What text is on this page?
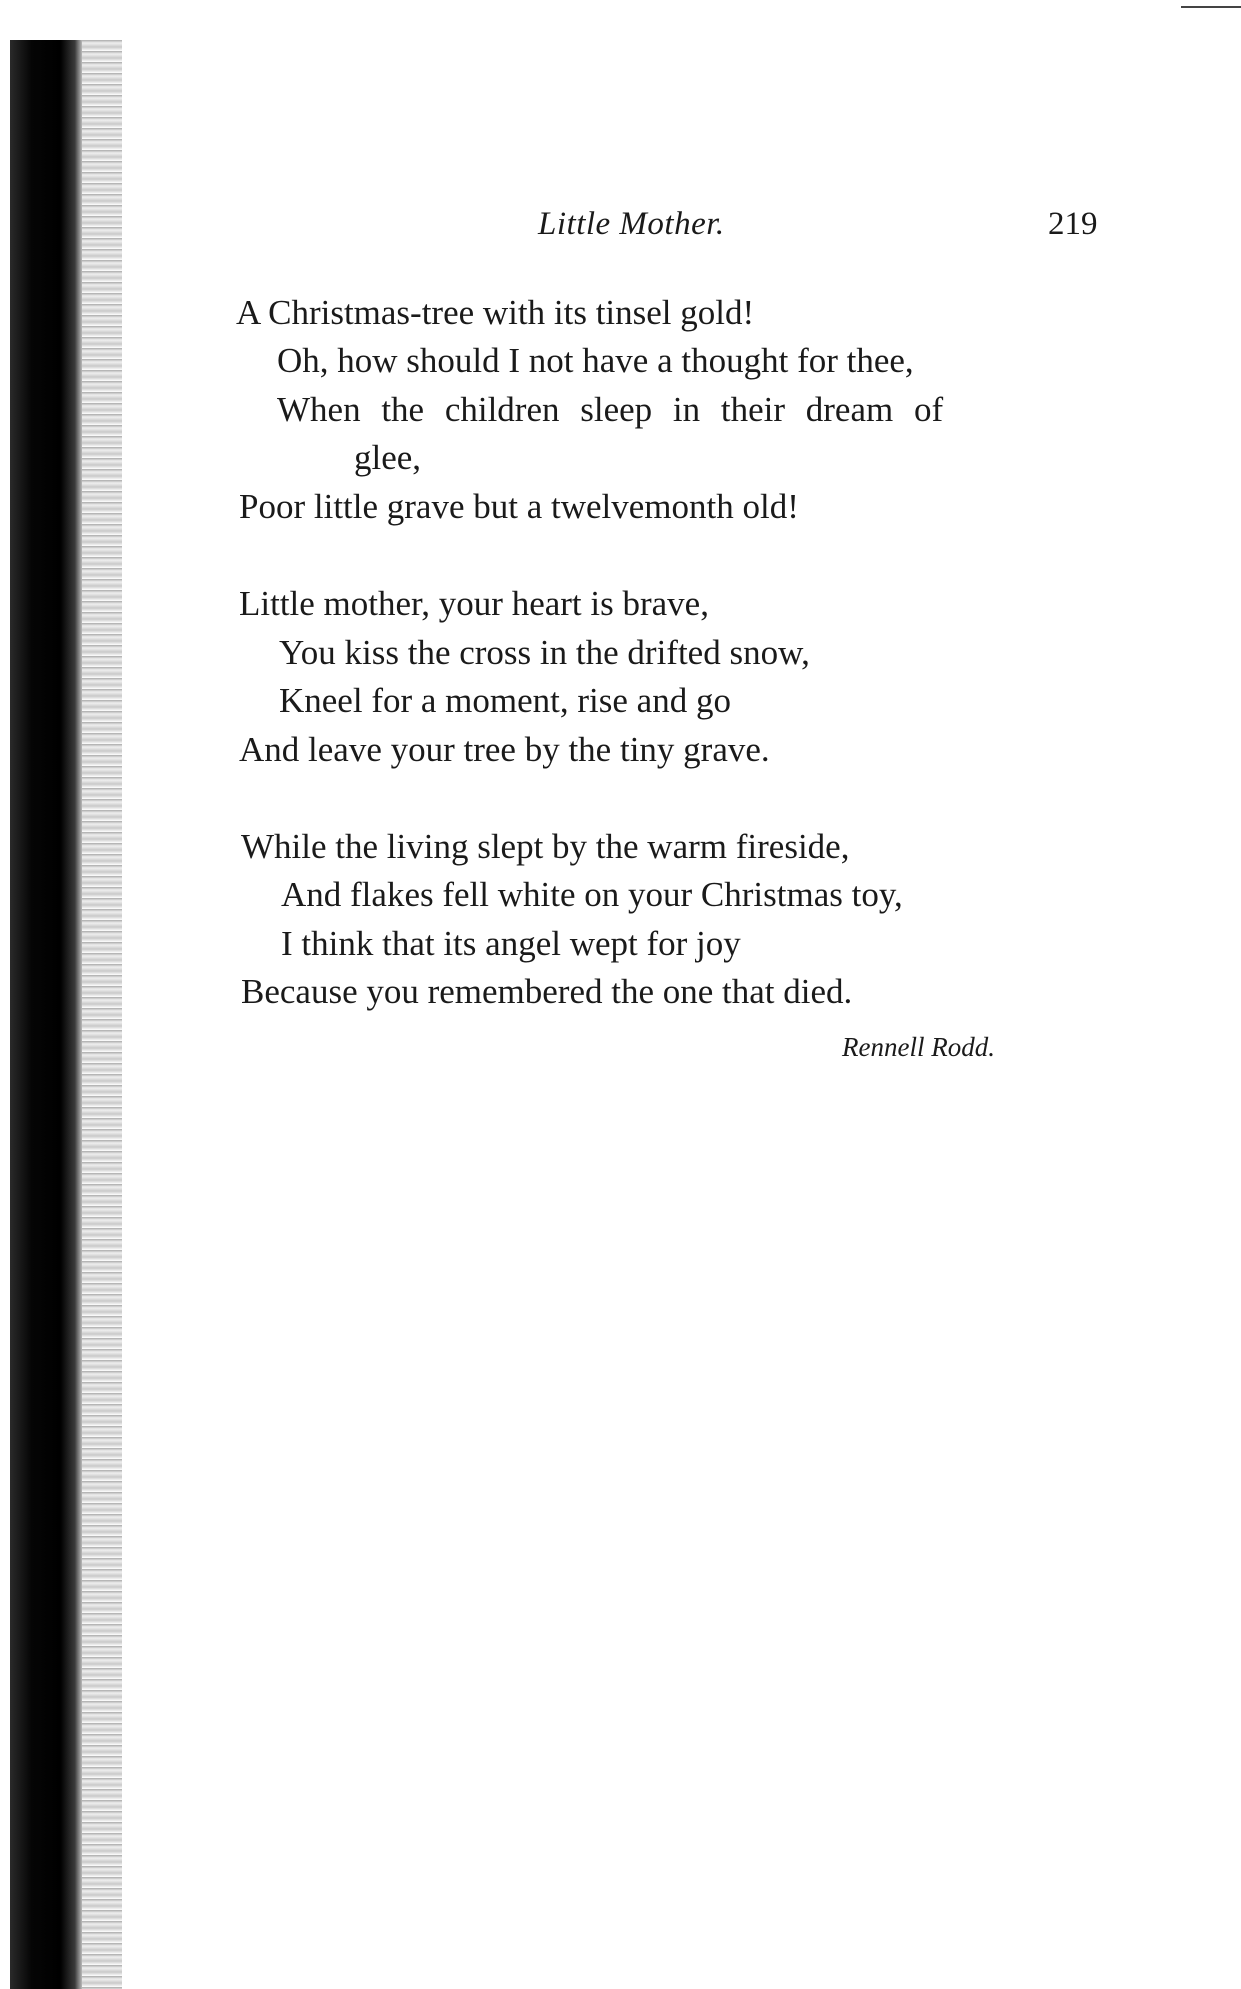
Little Mother.	219
A Christmas-tree with its tinsel gold!
Oh, how should I not have a thought for thee,
When the children sleep in their dream of
glee,
Poor little grave but a twelvemonth old!
Little mother, your heart is brave,
You kiss the cross in the drifted snow,
Kneel for a moment, rise and go
And leave your tree by the tiny grave.
While the living slept by the warm fireside,
And flakes fell white on your Christmas toy,
I think that its angel wept for joy
Because you remembered the one that died.
Rennell Rodd.
